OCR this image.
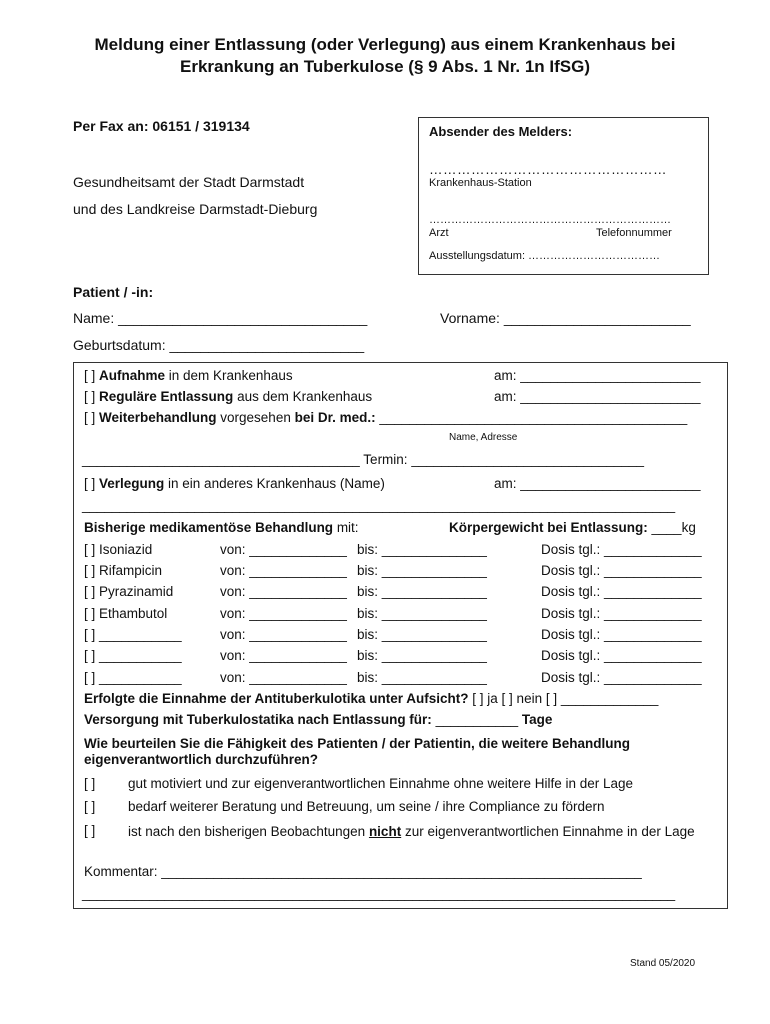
Meldung einer Entlassung (oder Verlegung) aus einem Krankenhaus bei
Erkrankung an Tuberkulose (§ 9 Abs. 1 Nr. 1n IfSG)
Per Fax an: 06151 / 319134
Gesundheitsamt der Stadt Darmstadt
und des Landkreise Darmstadt-Dieburg
Absender des Melders:
……………………………………………
Krankenhaus-Station
…………………………………………………………
Arzt	Telefonnummer
Ausstellungsdatum: ………………………………
Patient / -in:
Name: ________________________________	Vorname: ________________________
Geburtsdatum: _________________________
[ ] Aufnahme in dem Krankenhaus	am: ________________________
[ ] Reguläre Entlassung aus dem Krankenhaus	am: ________________________
[ ] Weiterbehandlung vorgesehen bei Dr. med.: _________________________________________
Name, Adresse
_____________________________________ Termin: _______________________________
[ ] Verlegung in ein anderes Krankenhaus (Name)	am: ________________________
_______________________________________________________________________________
Bisherige medikamentöse Behandlung mit:	Körpergewicht bei Entlassung: ____kg
[ ] Isoniazid	von: _____________ bis: ______________	Dosis tgl.: _____________
[ ] Rifampicin	von: _____________ bis: ______________	Dosis tgl.: _____________
[ ] Pyrazinamid	von: _____________ bis: ______________	Dosis tgl.: _____________
[ ] Ethambutol	von: _____________ bis: ______________	Dosis tgl.: _____________
[ ] ___________	von: _____________ bis: ______________	Dosis tgl.: _____________
[ ] ___________	von: _____________ bis: ______________	Dosis tgl.: _____________
[ ] ___________	von: _____________ bis: ______________	Dosis tgl.: _____________
Erfolgte die Einnahme der Antituberkulotika unter Aufsicht? [ ] ja [ ] nein [ ] _____________
Versorgung mit Tuberkulostatika nach Entlassung für: ___________ Tage
Wie beurteilen Sie die Fähigkeit des Patienten / der Patientin, die weitere Behandlung eigenverantwortlich durchzuführen?
[ ] gut motiviert und zur eigenverantwortlichen Einnahme ohne weitere Hilfe in der Lage
[ ] bedarf weiterer Beratung und Betreuung, um seine / ihre Compliance zu fördern
[ ] ist nach den bisherigen Beobachtungen nicht zur eigenverantwortlichen Einnahme in der Lage
Kommentar: ________________________________________________________________
_______________________________________________________________________________
Stand 05/2020
